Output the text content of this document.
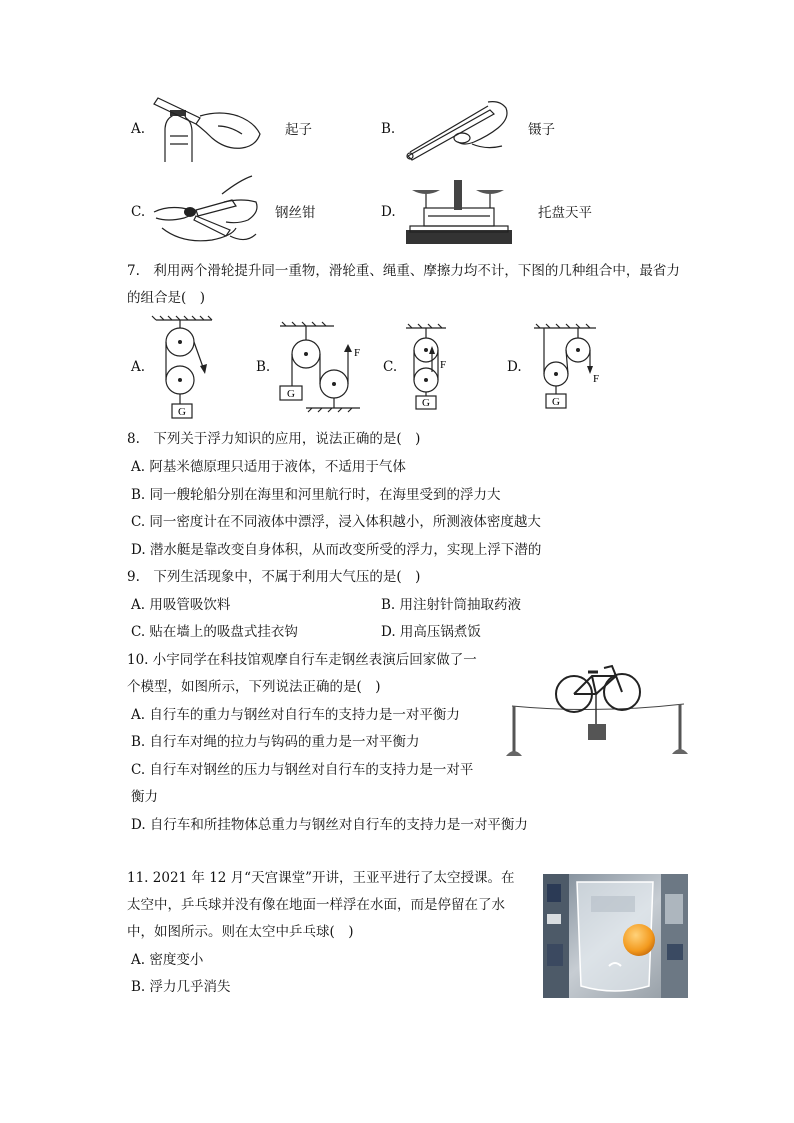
A.	起子	B.	镊子
C.	钢丝钳	D.	托盘天平
7.　利用两个滑轮提升同一重物，滑轮重、绳重、摩擦力均不计，下图的几种组合中，最省力
的组合是(　)
A.
G
B.
G
F
C.	F
G
D.
F
G
8.　下列关于浮力知识的应用，说法正确的是(　)
A. 阿基米德原理只适用于液体，不适用于气体
B. 同一艘轮船分别在海里和河里航行时，在海里受到的浮力大
C. 同一密度计在不同液体中漂浮，浸入体积越小，所测液体密度越大
D. 潜水艇是靠改变自身体积，从而改变所受的浮力，实现上浮下潜的
9.　下列生活现象中，不属于利用大气压的是(　)
A. 用吸管吸饮料	B. 用注射针筒抽取药液
C. 贴在墙上的吸盘式挂衣钩	D. 用高压锅煮饭
10. 小宇同学在科技馆观摩自行车走钢丝表演后回家做了一
个模型，如图所示，下列说法正确的是(　)
A. 自行车的重力与钢丝对自行车的支持力是一对平衡力
B. 自行车对绳的拉力与钩码的重力是一对平衡力
C. 自行车对钢丝的压力与钢丝对自行车的支持力是一对平
衡力
D. 自行车和所挂物体总重力与钢丝对自行车的支持力是一对平衡力
11. 2021 年 12 月“天宫课堂”开讲，王亚平进行了太空授课。在
太空中，乒乓球并没有像在地面一样浮在水面，而是停留在了水
中，如图所示。则在太空中乒乓球(　)
A. 密度变小
B. 浮力几乎消失
